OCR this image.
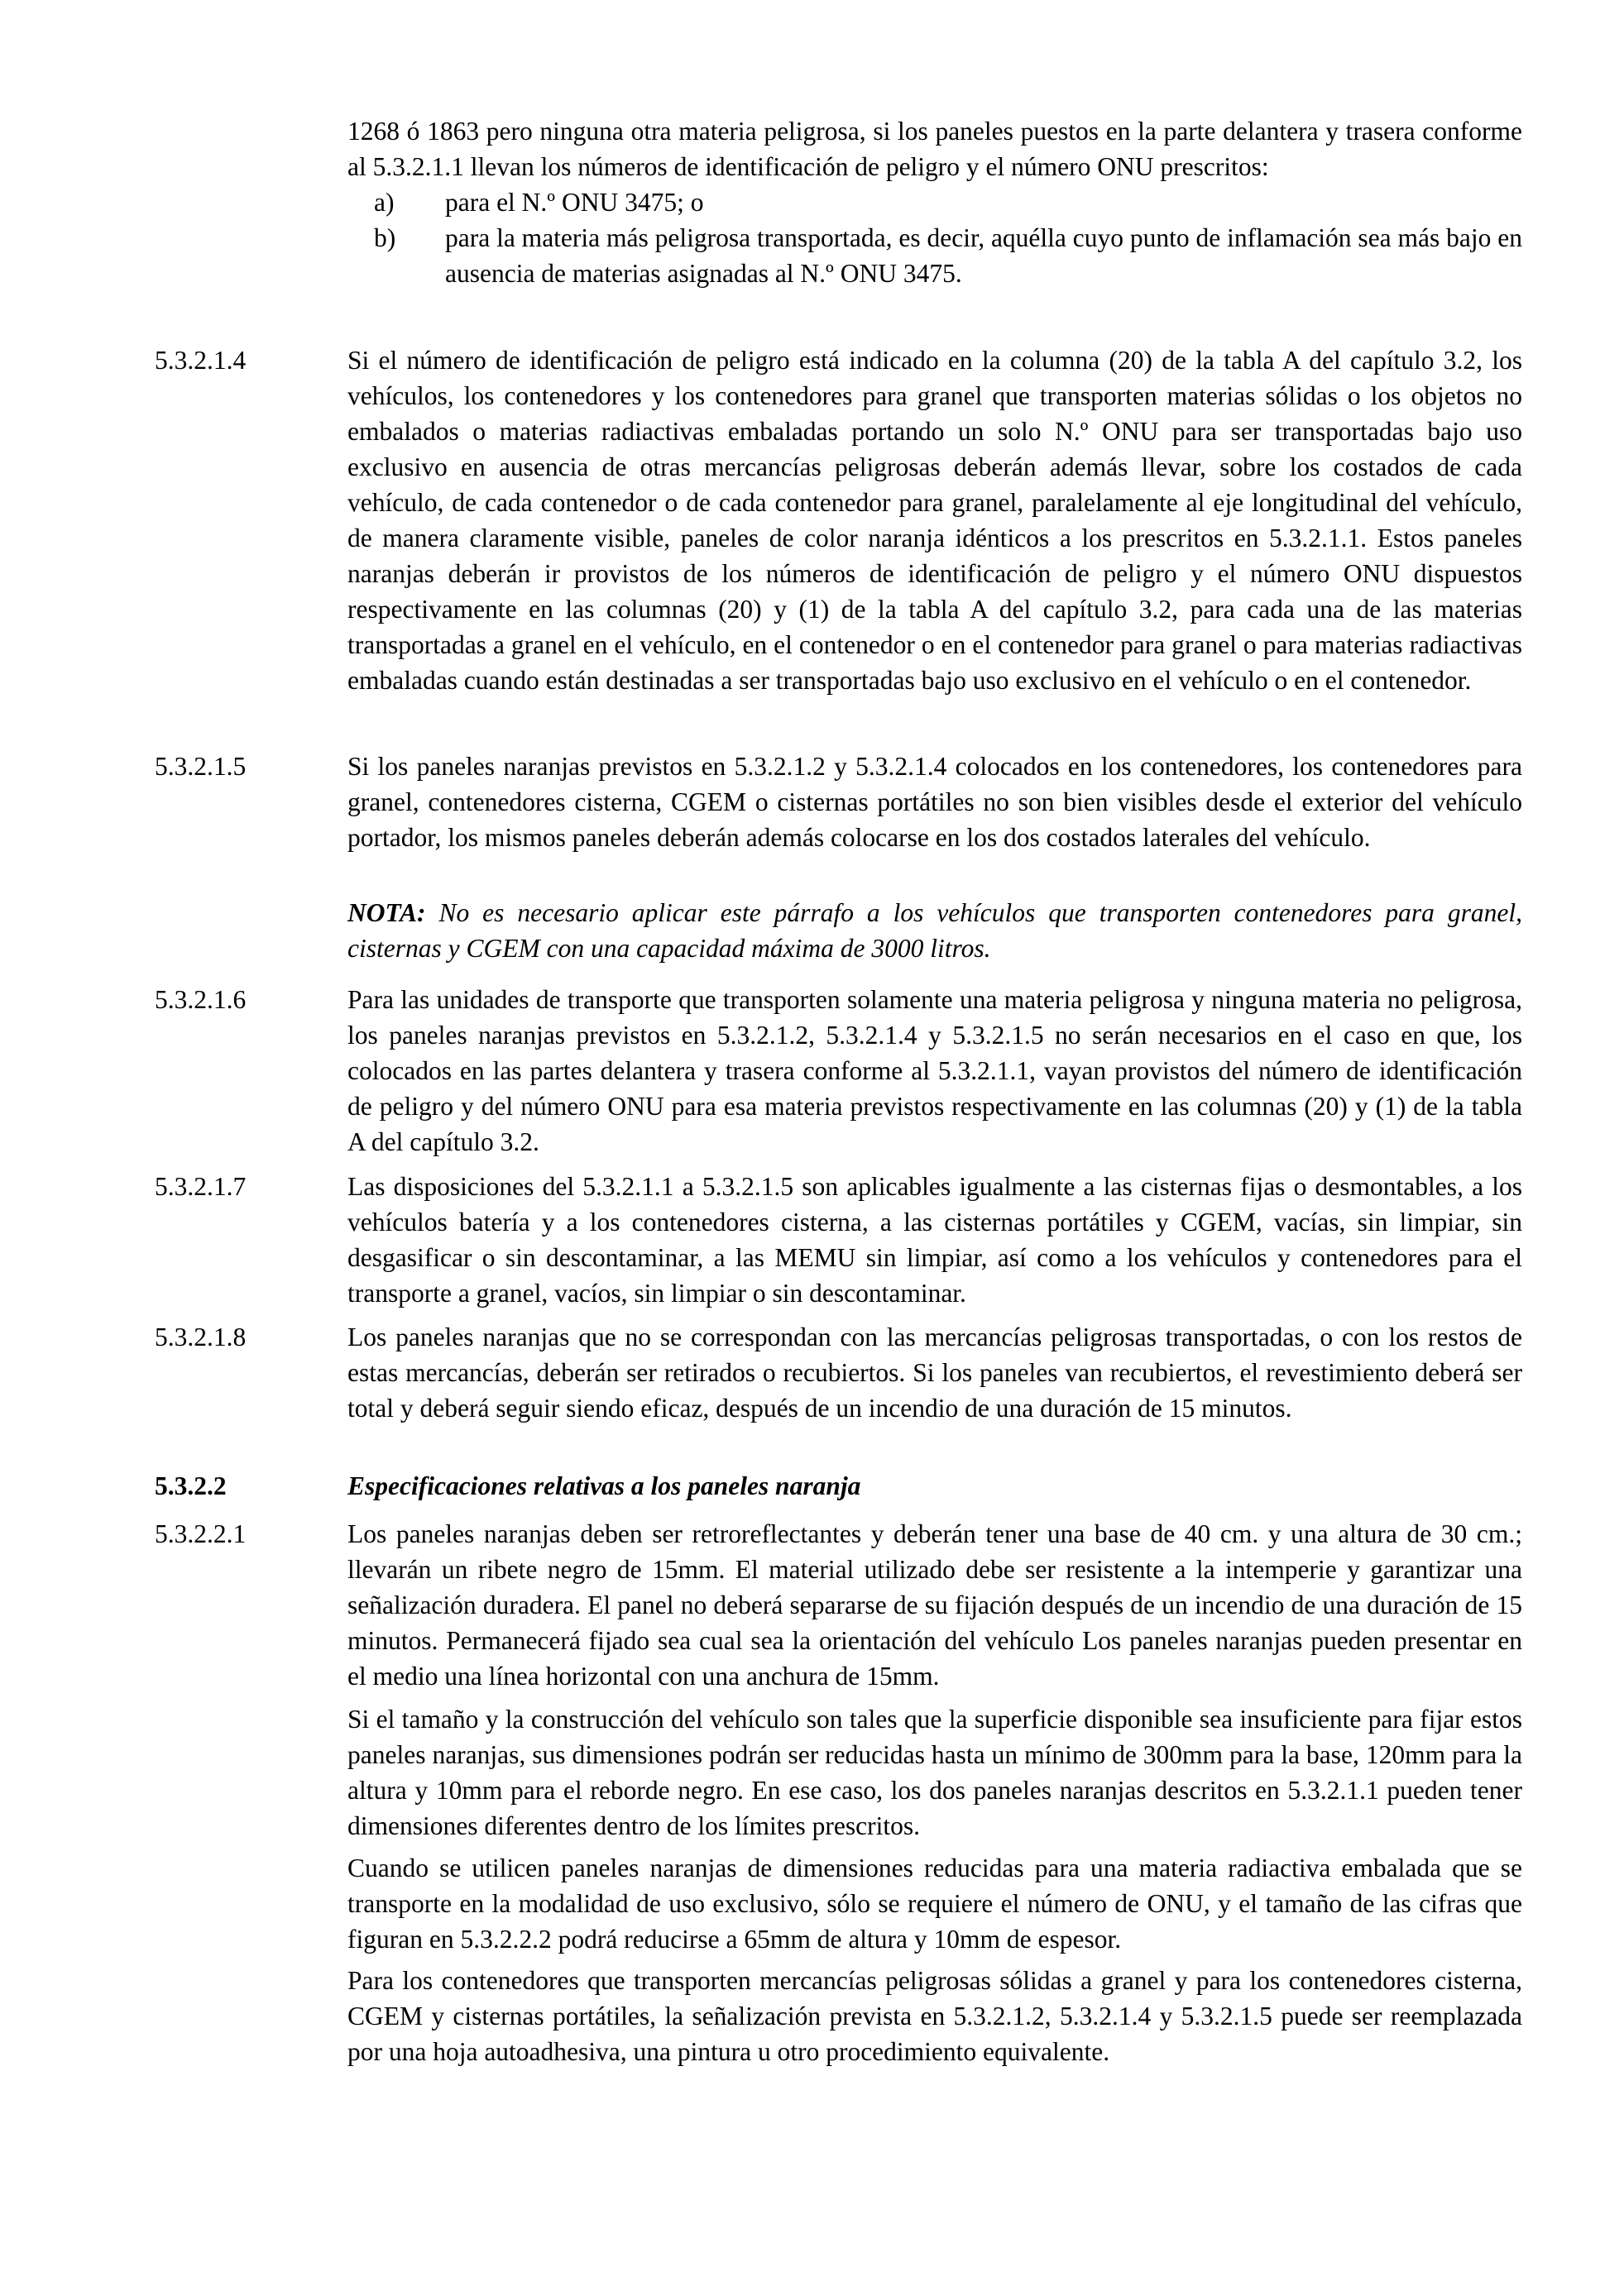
1268 ó 1863 pero ninguna otra materia peligrosa, si los paneles puestos en la parte delantera y trasera conforme al 5.3.2.1.1 llevan los números de identificación de peligro y el número ONU prescritos:

a) para el N.º ONU 3475; o
b) para la materia más peligrosa transportada, es decir, aquélla cuyo punto de inflamación sea más bajo en ausencia de materias asignadas al N.º ONU 3475.
5.3.2.1.4	Si el número de identificación de peligro está indicado en la columna (20) de la tabla A del capítulo 3.2, los vehículos, los contenedores y los contenedores para granel que transporten materias sólidas o los objetos no embalados o materias radiactivas embaladas portando un solo N.º ONU para ser transportadas bajo uso exclusivo en ausencia de otras mercancías peligrosas deberán además llevar, sobre los costados de cada vehículo, de cada contenedor o de cada contenedor para granel, paralelamente al eje longitudinal del vehículo, de manera claramente visible, paneles de color naranja idénticos a los prescritos en 5.3.2.1.1. Estos paneles naranjas deberán ir provistos de los números de identificación de peligro y el número ONU dispuestos respectivamente en las columnas (20) y (1) de la tabla A del capítulo 3.2, para cada una de las materias transportadas a granel en el vehículo, en el contenedor o en el contenedor para granel o para materias radiactivas embaladas cuando están destinadas a ser transportadas bajo uso exclusivo en el vehículo o en el contenedor.

5.3.2.1.5	Si los paneles naranjas previstos en 5.3.2.1.2 y 5.3.2.1.4 colocados en los contenedores, los contenedores para granel, contenedores cisterna, CGEM o cisternas portátiles no son bien visibles desde el exterior del vehículo portador, los mismos paneles deberán además colocarse en los dos costados laterales del vehículo.

NOTA: No es necesario aplicar este párrafo a los vehículos que transporten contenedores para granel, cisternas y CGEM con una capacidad máxima de 3000 litros.

5.3.2.1.6	Para las unidades de transporte que transporten solamente una materia peligrosa y ninguna materia no peligrosa, los paneles naranjas previstos en 5.3.2.1.2, 5.3.2.1.4 y 5.3.2.1.5 no serán necesarios en el caso en que, los colocados en las partes delantera y trasera conforme al 5.3.2.1.1, vayan provistos del número de identificación de peligro y del número ONU para esa materia previstos respectivamente en las columnas (20) y (1) de la tabla A del capítulo 3.2.

5.3.2.1.7	Las disposiciones del 5.3.2.1.1 a 5.3.2.1.5 son aplicables igualmente a las cisternas fijas o desmontables, a los vehículos batería y a los contenedores cisterna, a las cisternas portátiles y CGEM, vacías, sin limpiar, sin desgasificar o sin descontaminar, a las MEMU sin limpiar, así como a los vehículos y contenedores para el transporte a granel, vacíos, sin limpiar o sin descontaminar.

5.3.2.1.8	Los paneles naranjas que no se correspondan con las mercancías peligrosas transportadas, o con los restos de estas mercancías, deberán ser retirados o recubiertos. Si los paneles van recubiertos, el revestimiento deberá ser total y deberá seguir siendo eficaz, después de un incendio de una duración de 15 minutos.

5.3.2.2	Especificaciones relativas a los paneles naranja
5.3.2.2.1	Los paneles naranjas deben ser retroreflectantes y deberán tener una base de 40 cm. y una altura de 30 cm.; llevarán un ribete negro de 15mm. El material utilizado debe ser resistente a la intemperie y garantizar una señalización duradera. El panel no deberá separarse de su fijación después de un incendio de una duración de 15 minutos. Permanecerá fijado sea cual sea la orientación del vehículo Los paneles naranjas pueden presentar en el medio una línea horizontal con una anchura de 15mm.

Si el tamaño y la construcción del vehículo son tales que la superficie disponible sea insuficiente para fijar estos paneles naranjas, sus dimensiones podrán ser reducidas hasta un mínimo de 300mm para la base, 120mm para la altura y 10mm para el reborde negro. En ese caso, los dos paneles naranjas descritos en 5.3.2.1.1 pueden tener dimensiones diferentes dentro de los límites prescritos.

Cuando se utilicen paneles naranjas de dimensiones reducidas para una materia radiactiva embalada que se transporte en la modalidad de uso exclusivo, sólo se requiere el número de ONU, y el tamaño de las cifras que figuran en 5.3.2.2.2 podrá reducirse a 65mm de altura y 10mm de espesor.

Para los contenedores que transporten mercancías peligrosas sólidas a granel y para los contenedores cisterna, CGEM y cisternas portátiles, la señalización prevista en 5.3.2.1.2, 5.3.2.1.4 y 5.3.2.1.5 puede ser reemplazada por una hoja autoadhesiva, una pintura u otro procedimiento equivalente.
